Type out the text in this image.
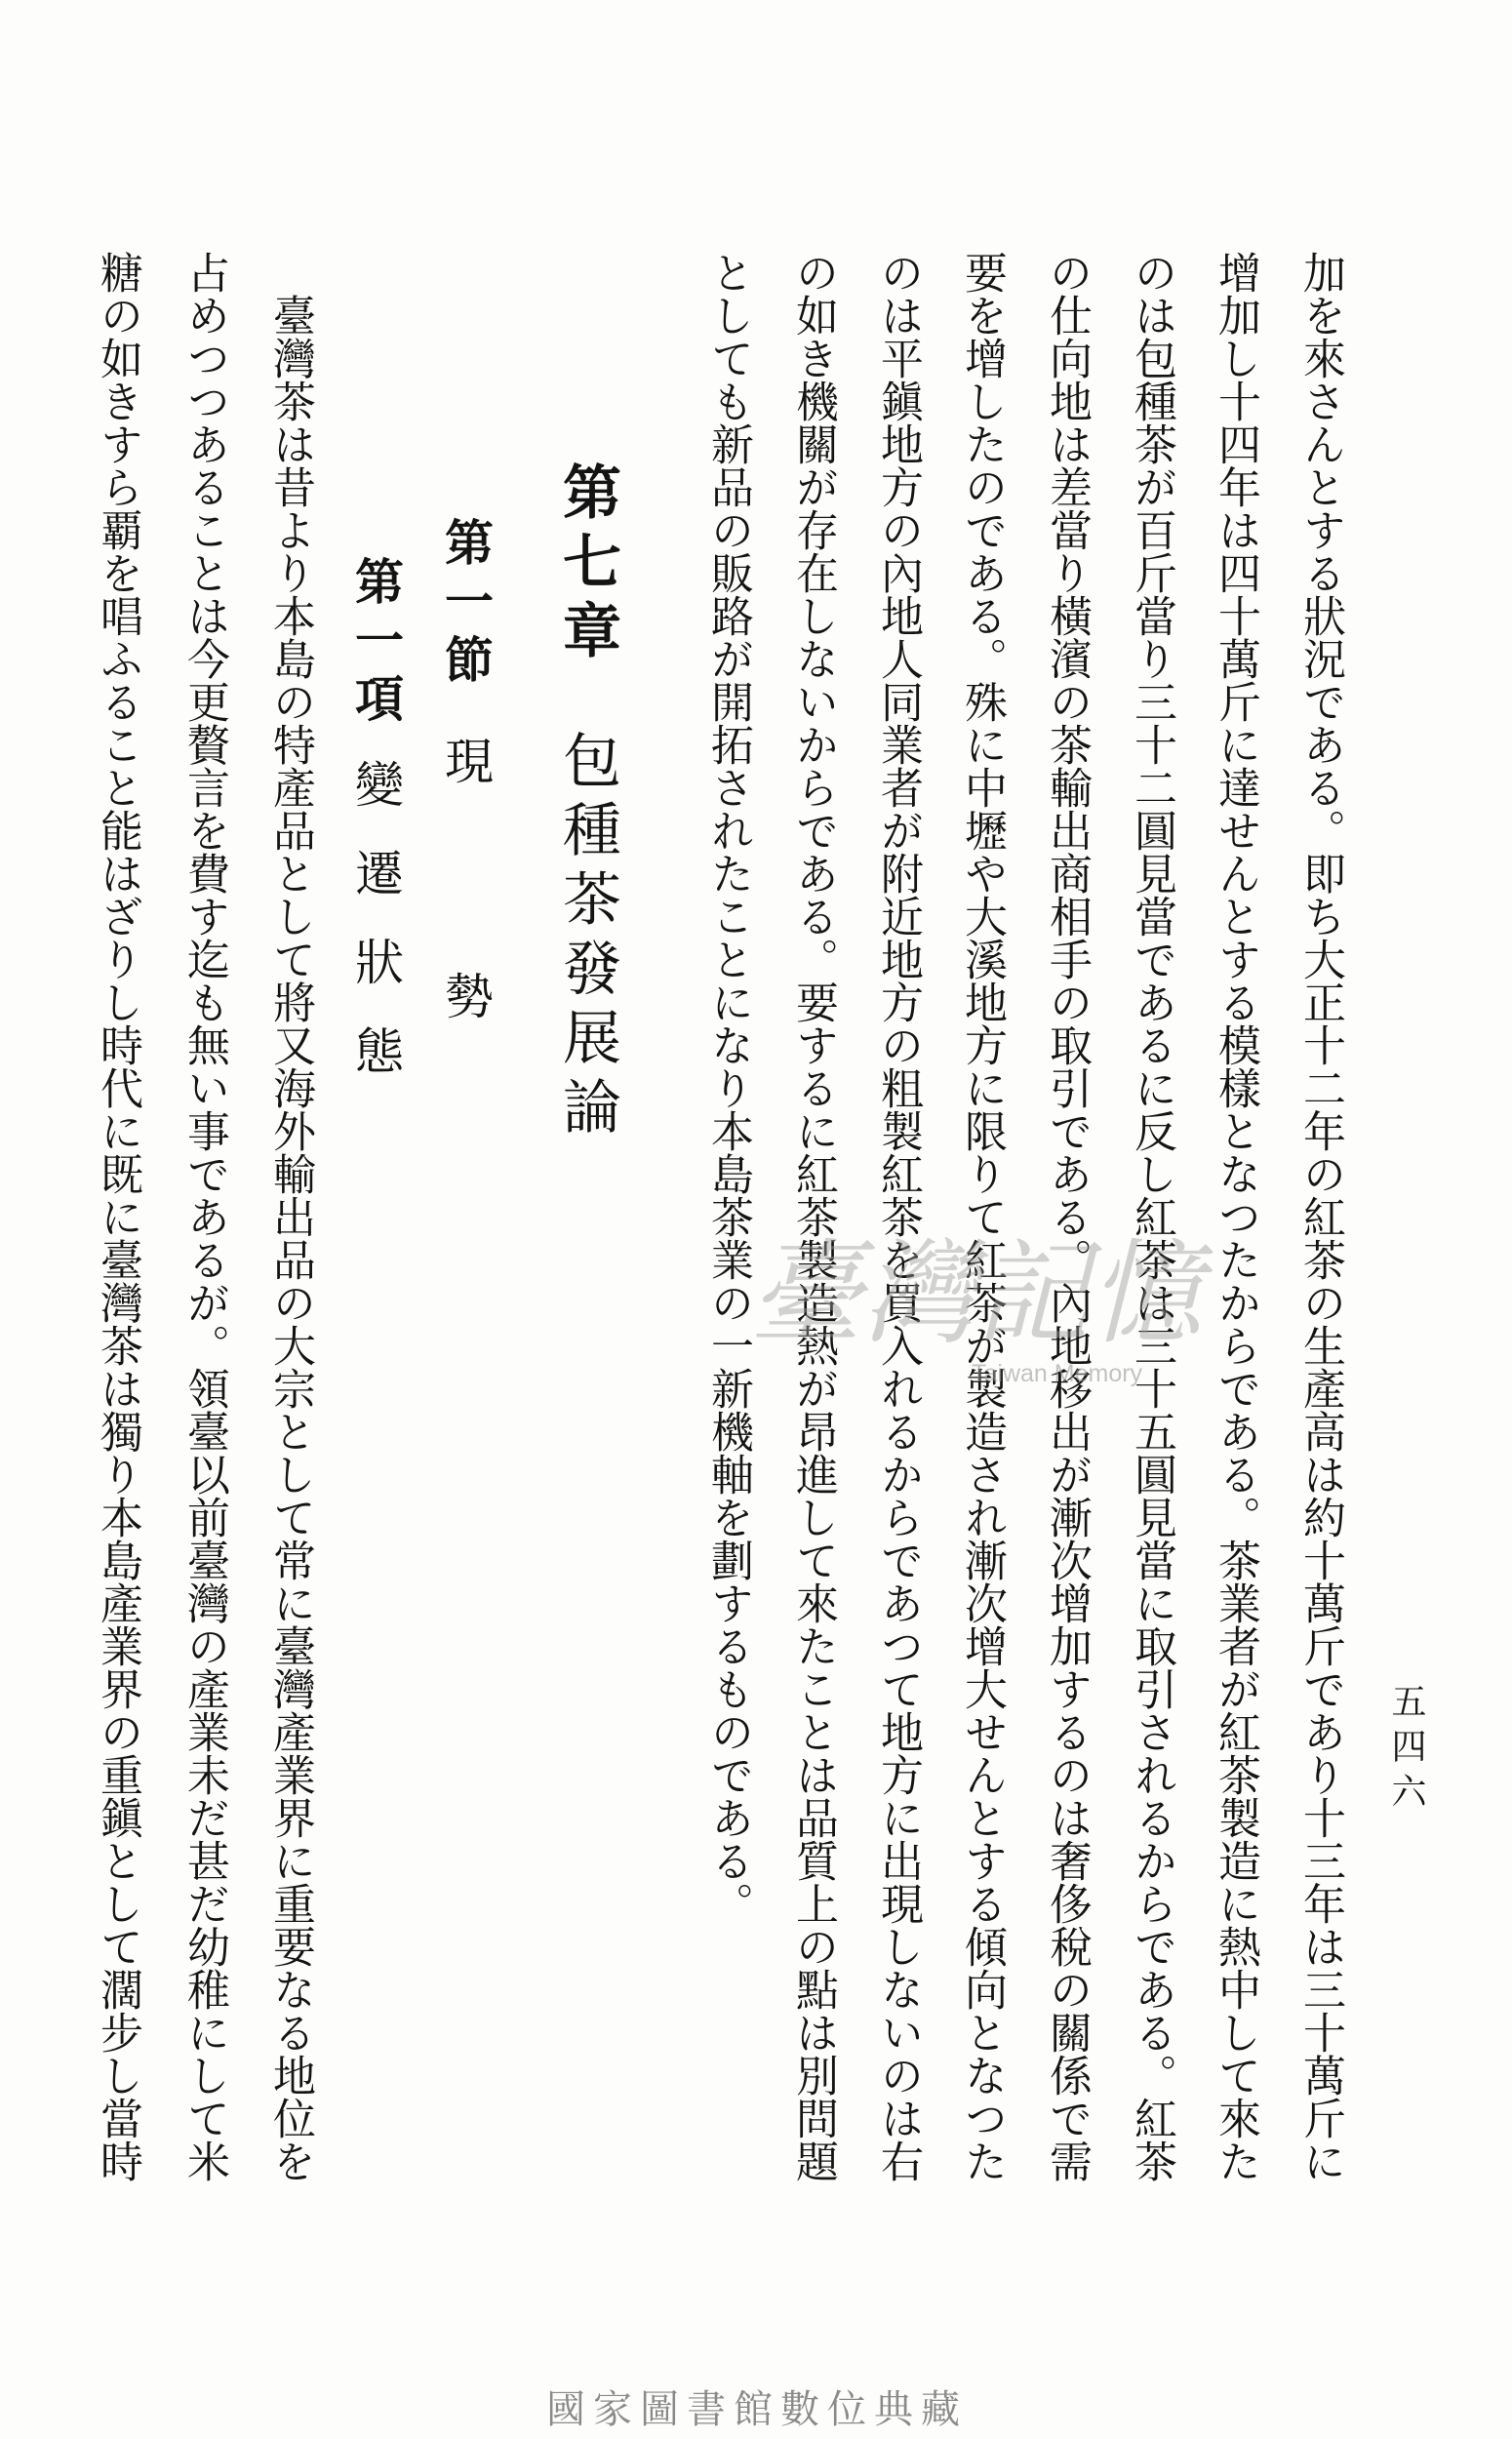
五四六
加を來さんとする狀況である。即ち大正十二年の紅茶の生產高は約十萬斤であり十三年は三十萬斤に
增加し十四年は四十萬斤に達せんとする模樣となつたからである。茶業者が紅茶製造に熱中して來た
のは包種茶が百斤當り三十二圓見當であるに反し紅茶は三十五圓見當に取引されるからである。紅茶
の仕向地は差當り橫濱の茶輸出商相手の取引である。內地移出が漸次增加するのは奢侈稅の關係で需
要を增したのである。殊に中壢や大溪地方に限りて紅茶が製造され漸次增大せんとする傾向となつた
のは平鎭地方の內地人同業者が附近地方の粗製紅茶を買入れるからであつて地方に出現しないのは右
の如き機關が存在しないからである。要するに紅茶製造熱が昂進して來たことは品質上の點は別問題
としても新品の販路が開拓されたことになり本島茶業の一新機軸を劃するものである。
第七章包種茶發展論
第一節現勢
第一項變遷狀態
臺灣茶は昔より本島の特產品として將又海外輸出品の大宗として常に臺灣產業界に重要なる地位を
占めつつあることは今更贅言を費す迄も無い事であるが。領臺以前臺灣の產業未だ甚だ幼稚にして米
糖の如きすら覇を唱ふること能はざりし時代に既に臺灣茶は獨り本島產業界の重鎭として濶步し當時	臺灣記憶
Taiwan Memory
國家圖書館數位典藏
